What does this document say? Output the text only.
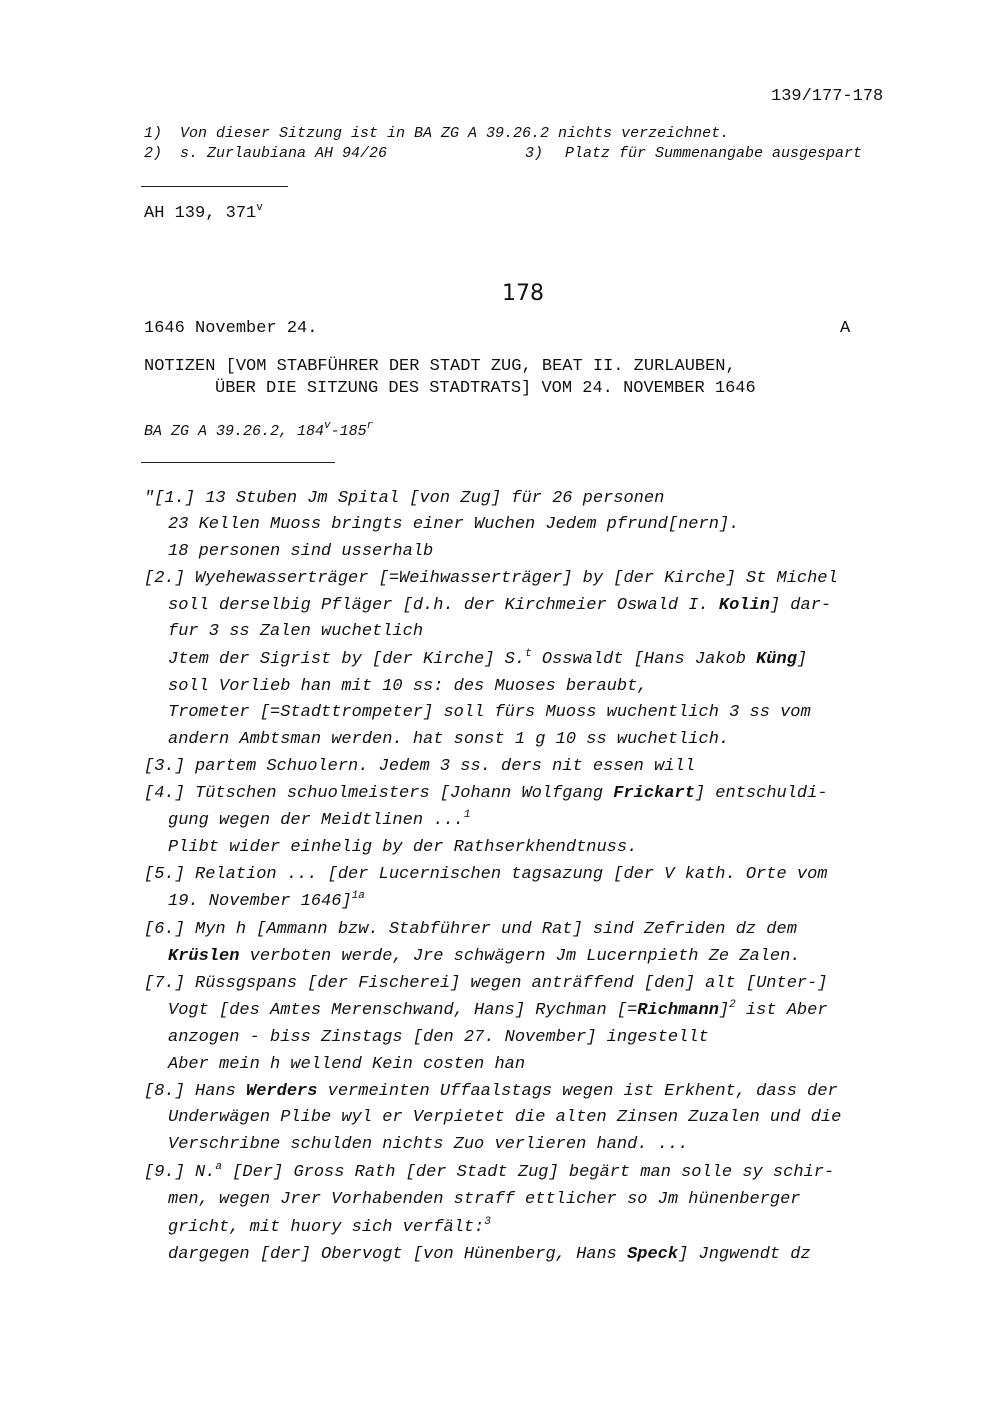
139/177-178
1) Von dieser Sitzung ist in BA ZG A 39.26.2 nichts verzeichnet.
2) s. Zurlaubiana AH 94/26	3) Platz für Summenangabe ausgespart
AH 139, 371$^v$
178
1646 November 24.	A
NOTIZEN [VOM STABFÜHRER DER STADT ZUG, BEAT II. ZURLAUBEN,
ÜBER DIE SITZUNG DES STADTRATS] VOM 24. NOVEMBER 1646
BA ZG A 39.26.2, 184$^v$-185$^r$
"[1.] 13 Stuben Jm Spital [von Zug] für 26 personen
23 Kellen Muoss bringts einer Wuchen Jedem pfrund[nern].
18 personen sind usserhalb
[2.] Wyehewasserträger [=Weihwasserträger] by [der Kirche] St Michel
soll derselbig Pfläger [d.h. der Kirchmeier Oswald I. Kolin] dar-
fur 3 ss Zalen wuchetlich
Jtem der Sigrist by [der Kirche] S.$^t$ Osswaldt [Hans Jakob Küng]
soll Vorlieb han mit 10 ss: des Muoses beraubt,
Trometer [=Stadttrompeter] soll fürs Muoss wuchentlich 3 ss vom
andern Ambtsman werden. hat sonst 1 g 10 ss wuchetlich.
[3.] partem Schuolern. Jedem 3 ss. ders nit essen will
[4.] Tütschen schuolmeisters [Johann Wolfgang Frickart] entschuldi-
gung wegen der Meidtlinen ...$^1$
Plibt wider einhelig by der Rathserkhendtnuss.
[5.] Relation ... [der Lucernischen tagsazung [der V kath. Orte vom
19. November 1646]$^{1a}$
[6.] Myn h [Ammann bzw. Stabführer und Rat] sind Zefriden dz dem
Krüslen verboten werde, Jre schwägern Jm Lucernpieth Ze Zalen.
[7.] Rüssgspans [der Fischerei] wegen anträffend [den] alt [Unter-]
Vogt [des Amtes Merenschwand, Hans] Rychman [=Richmann]$^2$ ist Aber
anzogen - biss Zinstags [den 27. November] ingestellt
Aber mein h wellend Kein costen han
[8.] Hans Werders vermeinten Uffaalstags wegen ist Erkhent, dass der
Underwägen Plibe wyl er Verpietet die alten Zinsen Zuzalen und die
Verschribne schulden nichts Zuo verlieren hand. ...
[9.] N.$^a$ [Der] Gross Rath [der Stadt Zug] begärt man solle sy schir-
men, wegen Jrer Vorhabenden straff ettlicher so Jm hünenberger
gricht, mit huory sich verfält:$^3$
dargegen [der] Obervogt [von Hünenberg, Hans Speck] Jngwendt dz
